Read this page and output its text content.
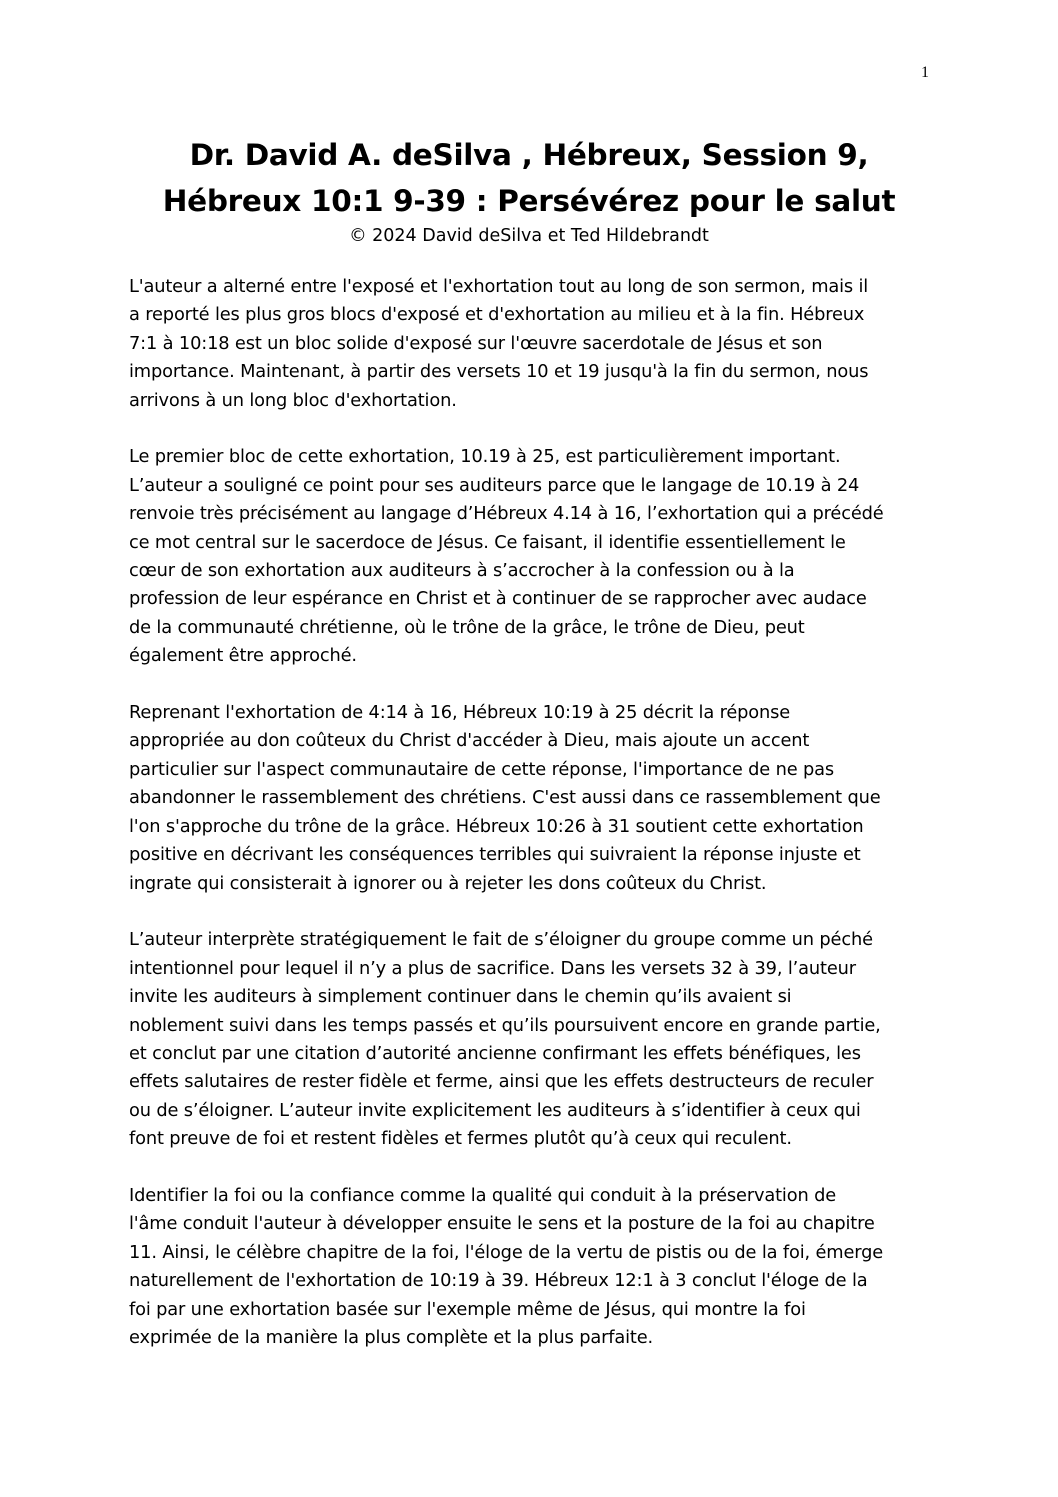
1
Dr. David A. deSilva , Hébreux, Session 9,
Hébreux 10:1 9-39 : Persévérez pour le salut
© 2024 David deSilva et Ted Hildebrandt

L'auteur a alterné entre l'exposé et l'exhortation tout au long de son sermon, mais il
a reporté les plus gros blocs d'exposé et d'exhortation au milieu et à la fin. Hébreux
7:1 à 10:18 est un bloc solide d'exposé sur l'œuvre sacerdotale de Jésus et son
importance. Maintenant, à partir des versets 10 et 19 jusqu'à la fin du sermon, nous
arrivons à un long bloc d'exhortation.

Le premier bloc de cette exhortation, 10.19 à 25, est particulièrement important.
L’auteur a souligné ce point pour ses auditeurs parce que le langage de 10.19 à 24
renvoie très précisément au langage d’Hébreux 4.14 à 16, l’exhortation qui a précédé
ce mot central sur le sacerdoce de Jésus. Ce faisant, il identifie essentiellement le
cœur de son exhortation aux auditeurs à s’accrocher à la confession ou à la
profession de leur espérance en Christ et à continuer de se rapprocher avec audace
de la communauté chrétienne, où le trône de la grâce, le trône de Dieu, peut
également être approché.

Reprenant l'exhortation de 4:14 à 16, Hébreux 10:19 à 25 décrit la réponse
appropriée au don coûteux du Christ d'accéder à Dieu, mais ajoute un accent
particulier sur l'aspect communautaire de cette réponse, l'importance de ne pas
abandonner le rassemblement des chrétiens. C'est aussi dans ce rassemblement que
l'on s'approche du trône de la grâce. Hébreux 10:26 à 31 soutient cette exhortation
positive en décrivant les conséquences terribles qui suivraient la réponse injuste et
ingrate qui consisterait à ignorer ou à rejeter les dons coûteux du Christ.

L’auteur interprète stratégiquement le fait de s’éloigner du groupe comme un péché
intentionnel pour lequel il n’y a plus de sacrifice. Dans les versets 32 à 39, l’auteur
invite les auditeurs à simplement continuer dans le chemin qu’ils avaient si
noblement suivi dans les temps passés et qu’ils poursuivent encore en grande partie,
et conclut par une citation d’autorité ancienne confirmant les effets bénéfiques, les
effets salutaires de rester fidèle et ferme, ainsi que les effets destructeurs de reculer
ou de s’éloigner. L’auteur invite explicitement les auditeurs à s’identifier à ceux qui
font preuve de foi et restent fidèles et fermes plutôt qu’à ceux qui reculent.

Identifier la foi ou la confiance comme la qualité qui conduit à la préservation de
l'âme conduit l'auteur à développer ensuite le sens et la posture de la foi au chapitre
11. Ainsi, le célèbre chapitre de la foi, l'éloge de la vertu de pistis ou de la foi, émerge
naturellement de l'exhortation de 10:19 à 39. Hébreux 12:1 à 3 conclut l'éloge de la
foi par une exhortation basée sur l'exemple même de Jésus, qui montre la foi
exprimée de la manière la plus complète et la plus parfaite.
